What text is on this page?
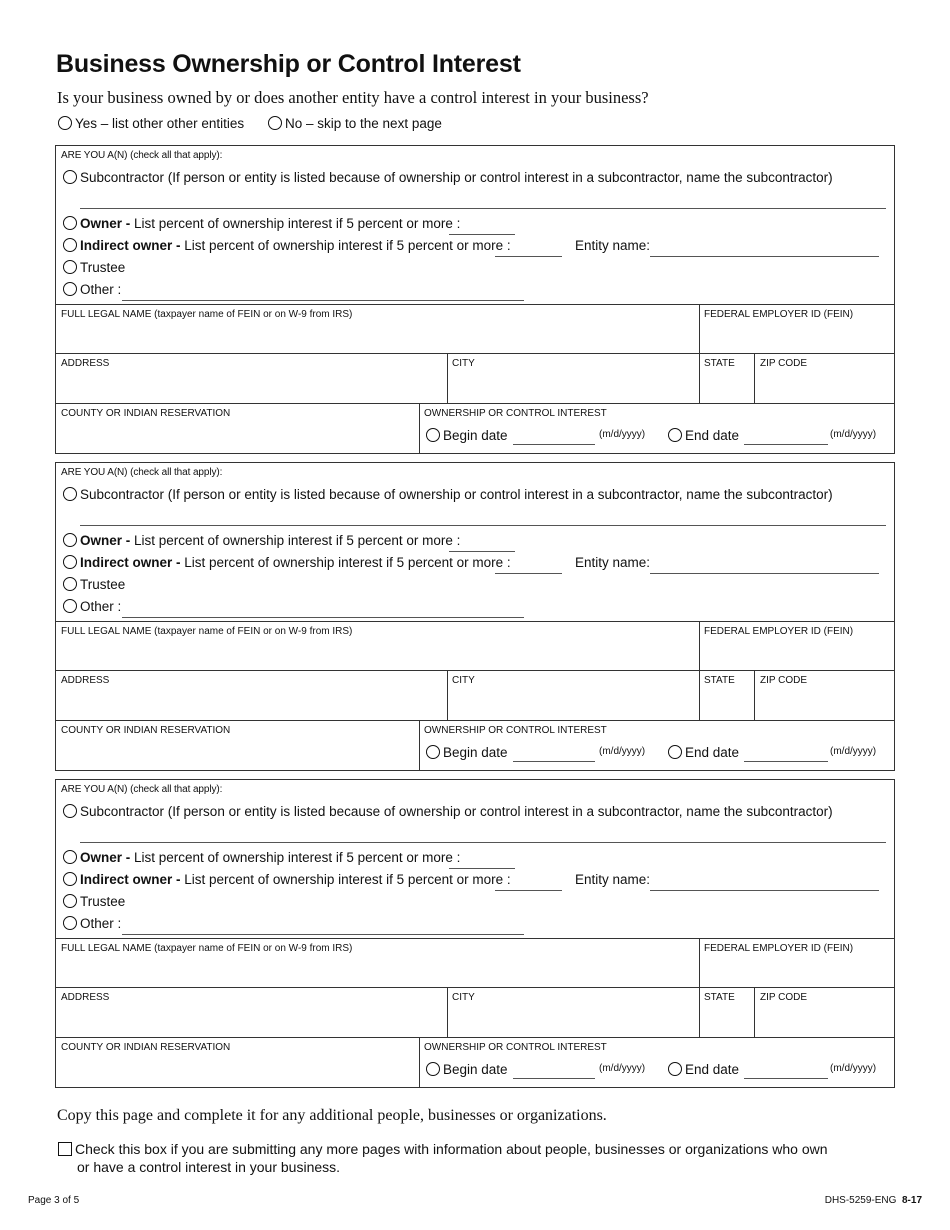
Business Ownership or Control Interest
Is your business owned by or does another entity have a control interest in your business?
Yes – list other other entities	No – skip to the next page
ARE YOU A(N) (check all that apply):
Subcontractor (If person or entity is listed because of ownership or control interest in a subcontractor, name the subcontractor)
Owner - List percent of ownership interest if 5 percent or more :
Indirect owner - List percent of ownership interest if 5 percent or more :	Entity name:
Trustee
Other :
FULL LEGAL NAME (taxpayer name of FEIN or on W-9 from IRS)	FEDERAL EMPLOYER ID (FEIN)
ADDRESS	CITY	STATE	ZIP CODE
COUNTY OR INDIAN RESERVATION	OWNERSHIP OR CONTROL INTEREST
Begin date	(m/d/yyyy)	End date	(m/d/yyyy)
ARE YOU A(N) (check all that apply):
Subcontractor (If person or entity is listed because of ownership or control interest in a subcontractor, name the subcontractor)
Owner - List percent of ownership interest if 5 percent or more :
Indirect owner - List percent of ownership interest if 5 percent or more :	Entity name:
Trustee
Other :
FULL LEGAL NAME (taxpayer name of FEIN or on W-9 from IRS)	FEDERAL EMPLOYER ID (FEIN)
ADDRESS	CITY	STATE	ZIP CODE
COUNTY OR INDIAN RESERVATION	OWNERSHIP OR CONTROL INTEREST
Begin date	(m/d/yyyy)	End date	(m/d/yyyy)
ARE YOU A(N) (check all that apply):
Subcontractor (If person or entity is listed because of ownership or control interest in a subcontractor, name the subcontractor)
Owner - List percent of ownership interest if 5 percent or more :
Indirect owner - List percent of ownership interest if 5 percent or more :	Entity name:
Trustee
Other :
FULL LEGAL NAME (taxpayer name of FEIN or on W-9 from IRS)	FEDERAL EMPLOYER ID (FEIN)
ADDRESS	CITY	STATE	ZIP CODE
COUNTY OR INDIAN RESERVATION	OWNERSHIP OR CONTROL INTEREST
Begin date	(m/d/yyyy)	End date	(m/d/yyyy)
Copy this page and complete it for any additional people, businesses or organizations.
Check this box if you are submitting any more pages with information about people, businesses or organizations who own
or have a control interest in your business.
Page 3 of 5	DHS-5259-ENG 8-17
